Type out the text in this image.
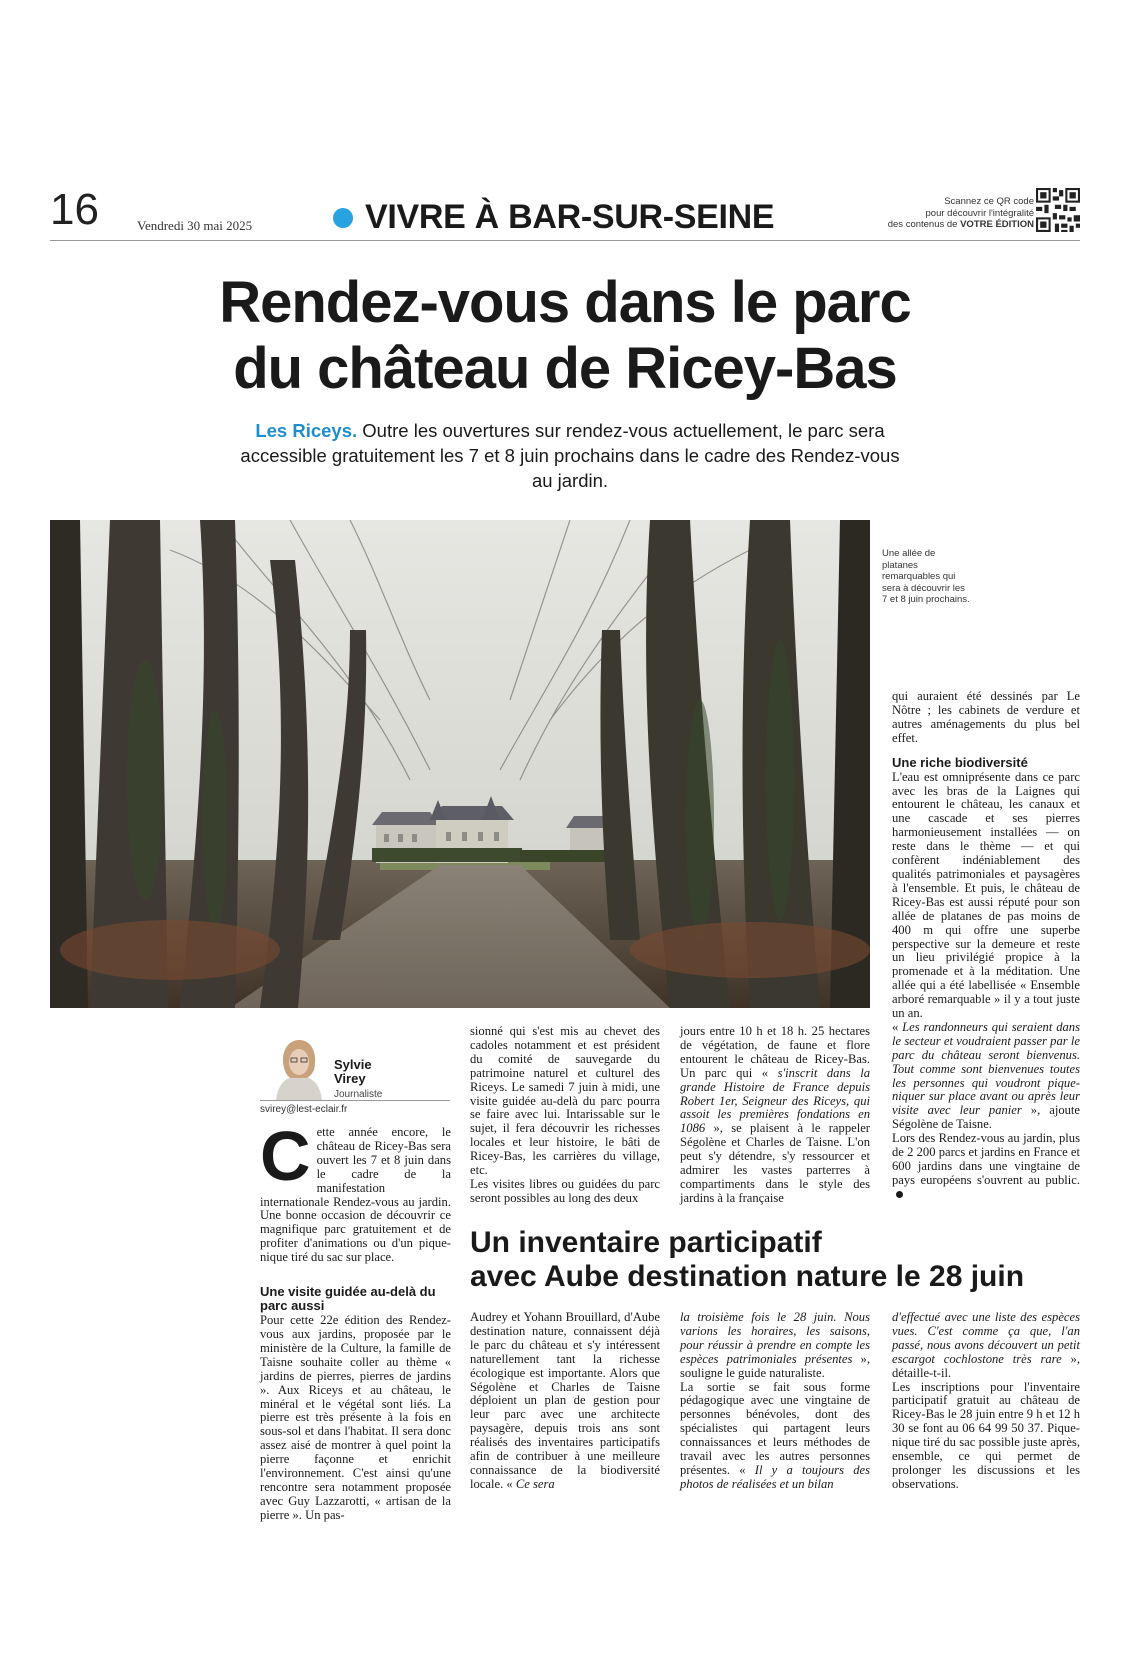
16	Vendredi 30 mai 2025	VIVRE À BAR-SUR-SEINE	Scannez ce QR code
pour découvrir l'intégralité
des contenus de VOTRE ÉDITION
Rendez-vous dans le parc
du château de Ricey-Bas

Les Riceys. Outre les ouvertures sur rendez-vous actuellement, le parc sera accessible gratuitement les 7 et 8 juin prochains dans le cadre des Rendez-vous au jardin.

Une allée de platanes remarquables qui sera à découvrir les 7 et 8 juin prochains.
Sylvie
Virey
Journaliste
svirey@lest-eclair.fr

Cette année encore, le château de Ricey-Bas sera ouvert les 7 et 8 juin dans le cadre de la manifestation internationale Rendez-vous au jardin. Une bonne occasion de découvrir ce magnifique parc gratuitement et de profiter d'animations ou d'un pique-nique tiré du sac sur place.

Une visite guidée au-delà du parc aussi

Pour cette 22e édition des Rendez-vous aux jardins, proposée par le ministère de la Culture, la famille de Taisne souhaite coller au thème « jardins de pierres, pierres de jardins ». Aux Riceys et au château, le minéral et le végétal sont liés. La pierre est très présente à la fois en sous-sol et dans l'habitat. Il sera donc assez aisé de montrer à quel point la pierre façonne et enrichit l'environnement. C'est ainsi qu'une rencontre sera notamment proposée avec Guy Lazzarotti, « artisan de la pierre ». Un pas-

sionné qui s'est mis au chevet des cadoles notamment et est président du comité de sauvegarde du patrimoine naturel et culturel des Riceys. Le samedi 7 juin à midi, une visite guidée au-delà du parc pourra se faire avec lui. Intarissable sur le sujet, il fera découvrir les richesses locales et leur histoire, le bâti de Ricey-Bas, les carrières du village, etc.

Les visites libres ou guidées du parc seront possibles au long des deux

jours entre 10 h et 18 h. 25 hectares de végétation, de faune et flore entourent le château de Ricey-Bas. Un parc qui « s'inscrit dans la grande Histoire de France depuis Robert 1er, Seigneur des Riceys, qui assoit les premières fondations en 1086 », se plaisent à le rappeler Ségolène et Charles de Taisne. L'on peut s'y détendre, s'y ressourcer et admirer les vastes parterres à compartiments dans le style des jardins à la française

qui auraient été dessinés par Le Nôtre ; les cabinets de verdure et autres aménagements du plus bel effet.

Une riche biodiversité

L'eau est omniprésente dans ce parc avec les bras de la Laignes qui entourent le château, les canaux et une cascade et ses pierres harmonieusement installées — on reste dans le thème — et qui confèrent indéniablement des qualités patrimoniales et paysagères à l'ensemble. Et puis, le château de Ricey-Bas est aussi réputé pour son allée de platanes de pas moins de 400 m qui offre une superbe perspective sur la demeure et reste un lieu privilégié propice à la promenade et à la méditation. Une allée qui a été labellisée « Ensemble arboré remarquable » il y a tout juste un an.

« Les randonneurs qui seraient dans le secteur et voudraient passer par le parc du château seront bienvenus. Tout comme sont bienvenues toutes les personnes qui voudront pique-niquer sur place avant ou après leur visite avec leur panier », ajoute Ségolène de Taisne.

Lors des Rendez-vous au jardin, plus de 2 200 parcs et jardins en France et 600 jardins dans une vingtaine de pays européens s'ouvrent au public.

Un inventaire participatif
avec Aube destination nature le 28 juin

Audrey et Yohann Brouillard, d'Aube destination nature, connaissent déjà le parc du château et s'y intéressent naturellement tant la richesse écologique est importante. Alors que Ségolène et Charles de Taisne déploient un plan de gestion pour leur parc avec une architecte paysagère, depuis trois ans sont réalisés des inventaires participatifs afin de contribuer à une meilleure connaissance de la biodiversité locale. « Ce sera

la troisième fois le 28 juin. Nous varions les horaires, les saisons, pour réussir à prendre en compte les espèces patrimoniales présentes », souligne le guide naturaliste.

La sortie se fait sous forme pédagogique avec une vingtaine de personnes bénévoles, dont des spécialistes qui partagent leurs connaissances et leurs méthodes de travail avec les autres personnes présentes. « Il y a toujours des photos de réalisées et un bilan

d'effectué avec une liste des espèces vues. C'est comme ça que, l'an passé, nous avons découvert un petit escargot cochlostone très rare », détaille-t-il.

Les inscriptions pour l'inventaire participatif gratuit au château de Ricey-Bas le 28 juin entre 9 h et 12 h 30 se font au 06 64 99 50 37. Pique-nique tiré du sac possible juste après, ensemble, ce qui permet de prolonger les discussions et les observations.
